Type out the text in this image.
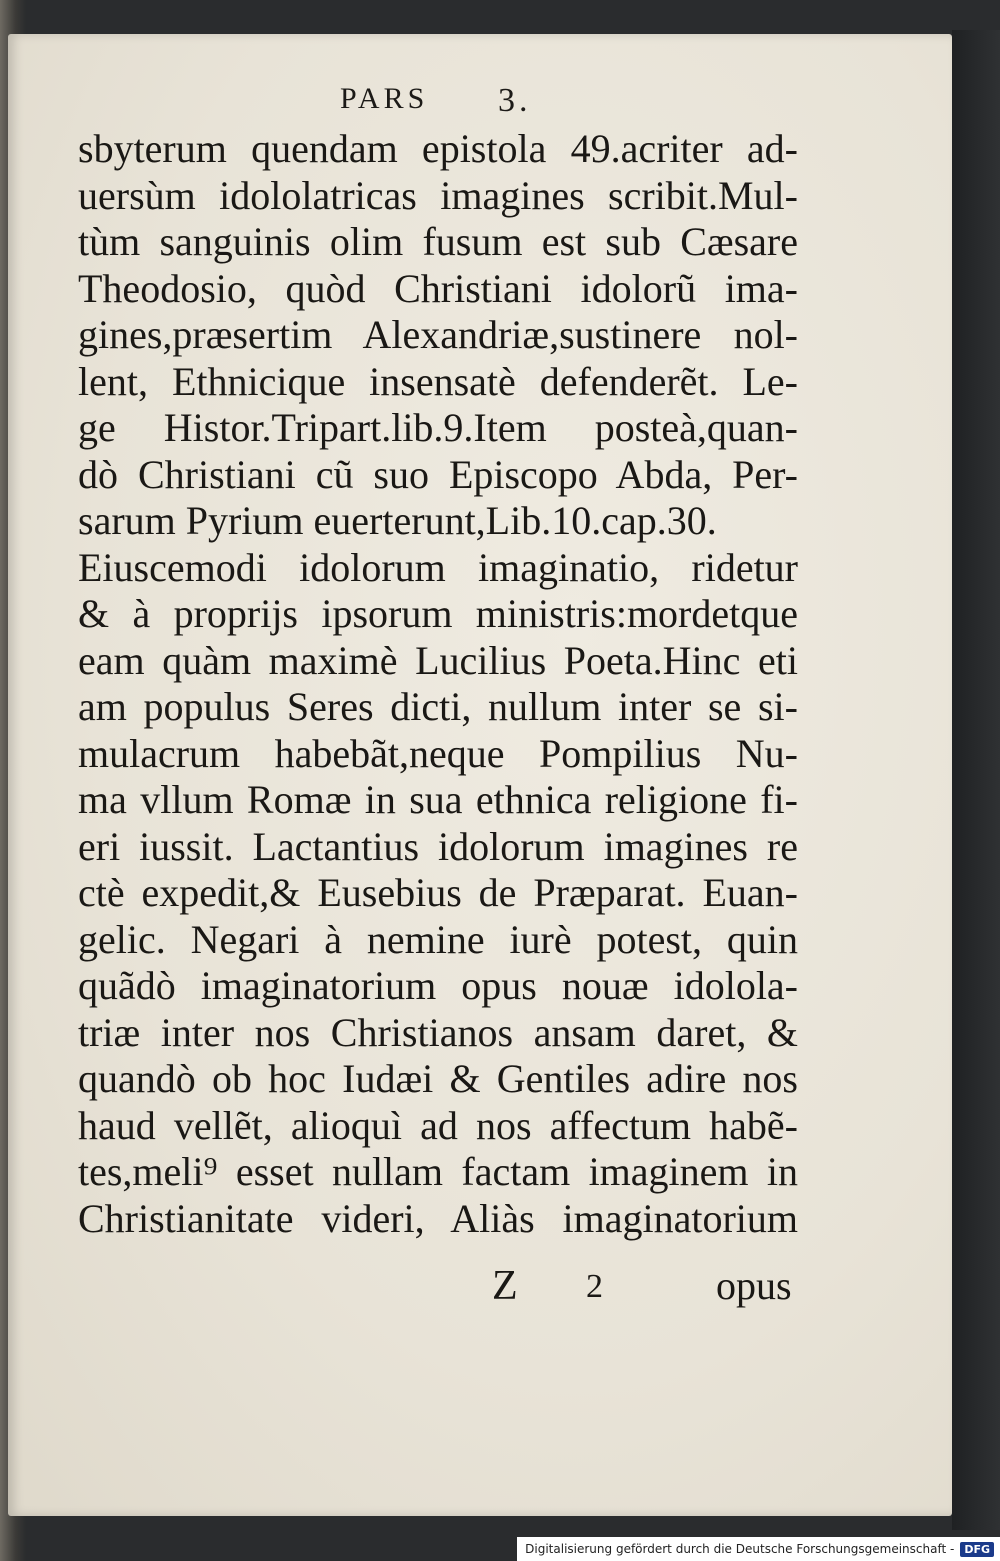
PARS 3.
sbyterum quendam epistola 49.acriter ad-
uersùm idololatricas imagines scribit.Mul-
tùm sanguinis olim fusum est sub Cæsare
Theodosio, quòd Christiani idolorũ ima-
gines,præsertim Alexandriæ,sustinere nol-
lent, Ethnicique insensatè defenderẽt. Le-
ge Histor.Tripart.lib.9.Item posteà,quan-
dò Christiani cũ suo Episcopo Abda, Per-
sarum Pyrium euerterunt,Lib.10.cap.30.
Eiuscemodi idolorum imaginatio, ridetur
& à proprijs ipsorum ministris:mordetque
eam quàm maximè Lucilius Poeta.Hinc eti
am populus Seres dicti, nullum inter se si-
mulacrum habebãt,neque Pompilius Nu-
ma vllum Romæ in sua ethnica religione fi-
eri iussit. Lactantius idolorum imagines re
ctè expedit,& Eusebius de Præparat. Euan-
gelic. Negari à nemine iurè potest, quin
quãdò imaginatorium opus nouæ idolola-
triæ inter nos Christianos ansam daret, &
quandò ob hoc Iudæi & Gentiles adire nos
haud vellẽt, alioquì ad nos affectum habẽ-
tes,meli⁹ esset nullam factam imaginem in
Christianitate videri, Aliàs imaginatorium
Z 2	opus
Digitalisierung gefördert durch die Deutsche Forschungsgemeinschaft - DFG
